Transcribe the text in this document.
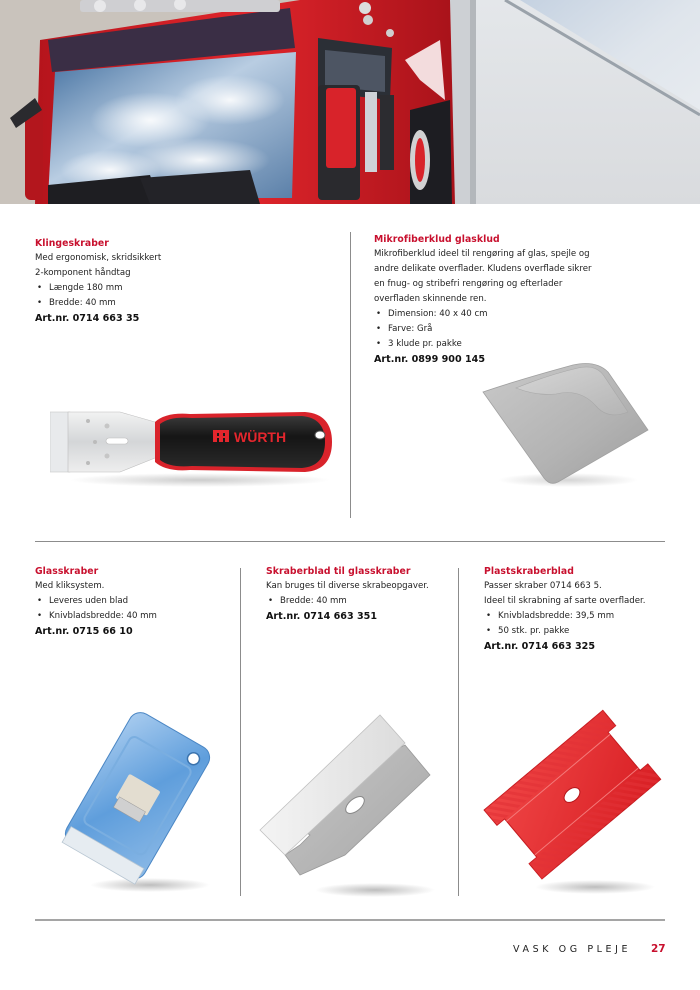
Klingeskraber
Med ergonomisk, skridsikkert
2-komponent håndtag
• Længde 180 mm
• Bredde: 40 mm
Art.nr. 0714 663 35
WÜRTH
Mikrofiberklud glasklud
Mikrofiberklud ideel til rengøring af glas, spejle og
andre delikate overflader. Kludens overflade sikrer
en fnug- og stribefri rengøring og efterlader
overfladen skinnende ren.
• Dimension: 40 x 40 cm
• Farve: Grå
• 3 klude pr. pakke
Art.nr. 0899 900 145
Glasskraber
Med kliksystem.
• Leveres uden blad
• Knivbladsbredde: 40 mm
Art.nr. 0715 66 10
Skraberblad til glasskraber
Kan bruges til diverse skrabeopgaver.
• Bredde: 40 mm
Art.nr. 0714 663 351
Plastskraberblad
Passer skraber 0714 663 5.
Ideel til skrabning af sarte overflader.
• Knivbladsbredde: 39,5 mm
• 50 stk. pr. pakke
Art.nr. 0714 663 325
VASK OG PLEJE 27
